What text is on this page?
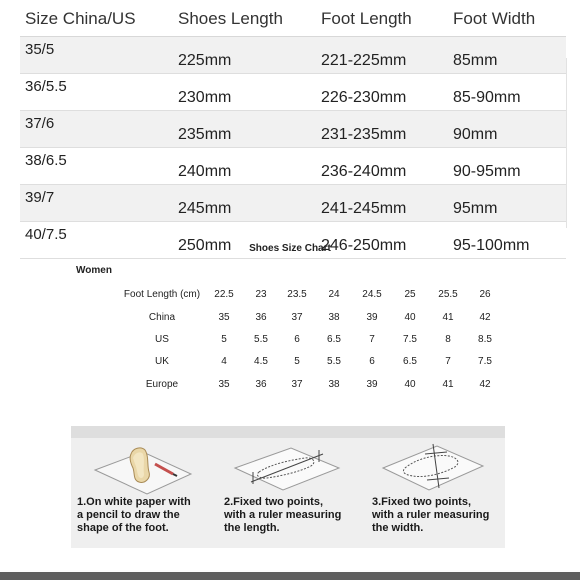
Size China/US	Shoes Length	Foot Length	Foot Width
35/5	225mm	221-225mm	85mm
36/5.5	230mm	226-230mm	85-90mm
37/6	235mm	231-235mm	90mm
38/6.5	240mm	236-240mm	90-95mm
39/7	245mm	241-245mm	95mm
40/7.5	250mm	246-250mm	95-100mm
Shoes Size Chart
Women
Foot Length (cm)	22.5	23	23.5	24	24.5	25	25.5	26
China	35	36	37	38	39	40	41	42
US	5	5.5	6	6.5	7	7.5	8	8.5
UK	4	4.5	5	5.5	6	6.5	7	7.5
Europe	35	36	37	38	39	40	41	42
1.On white paper with
a pencil to draw the
shape of the foot.
2.Fixed two points,
with a ruler measuring
the length.
3.Fixed two points,
with a ruler measuring
the width.
